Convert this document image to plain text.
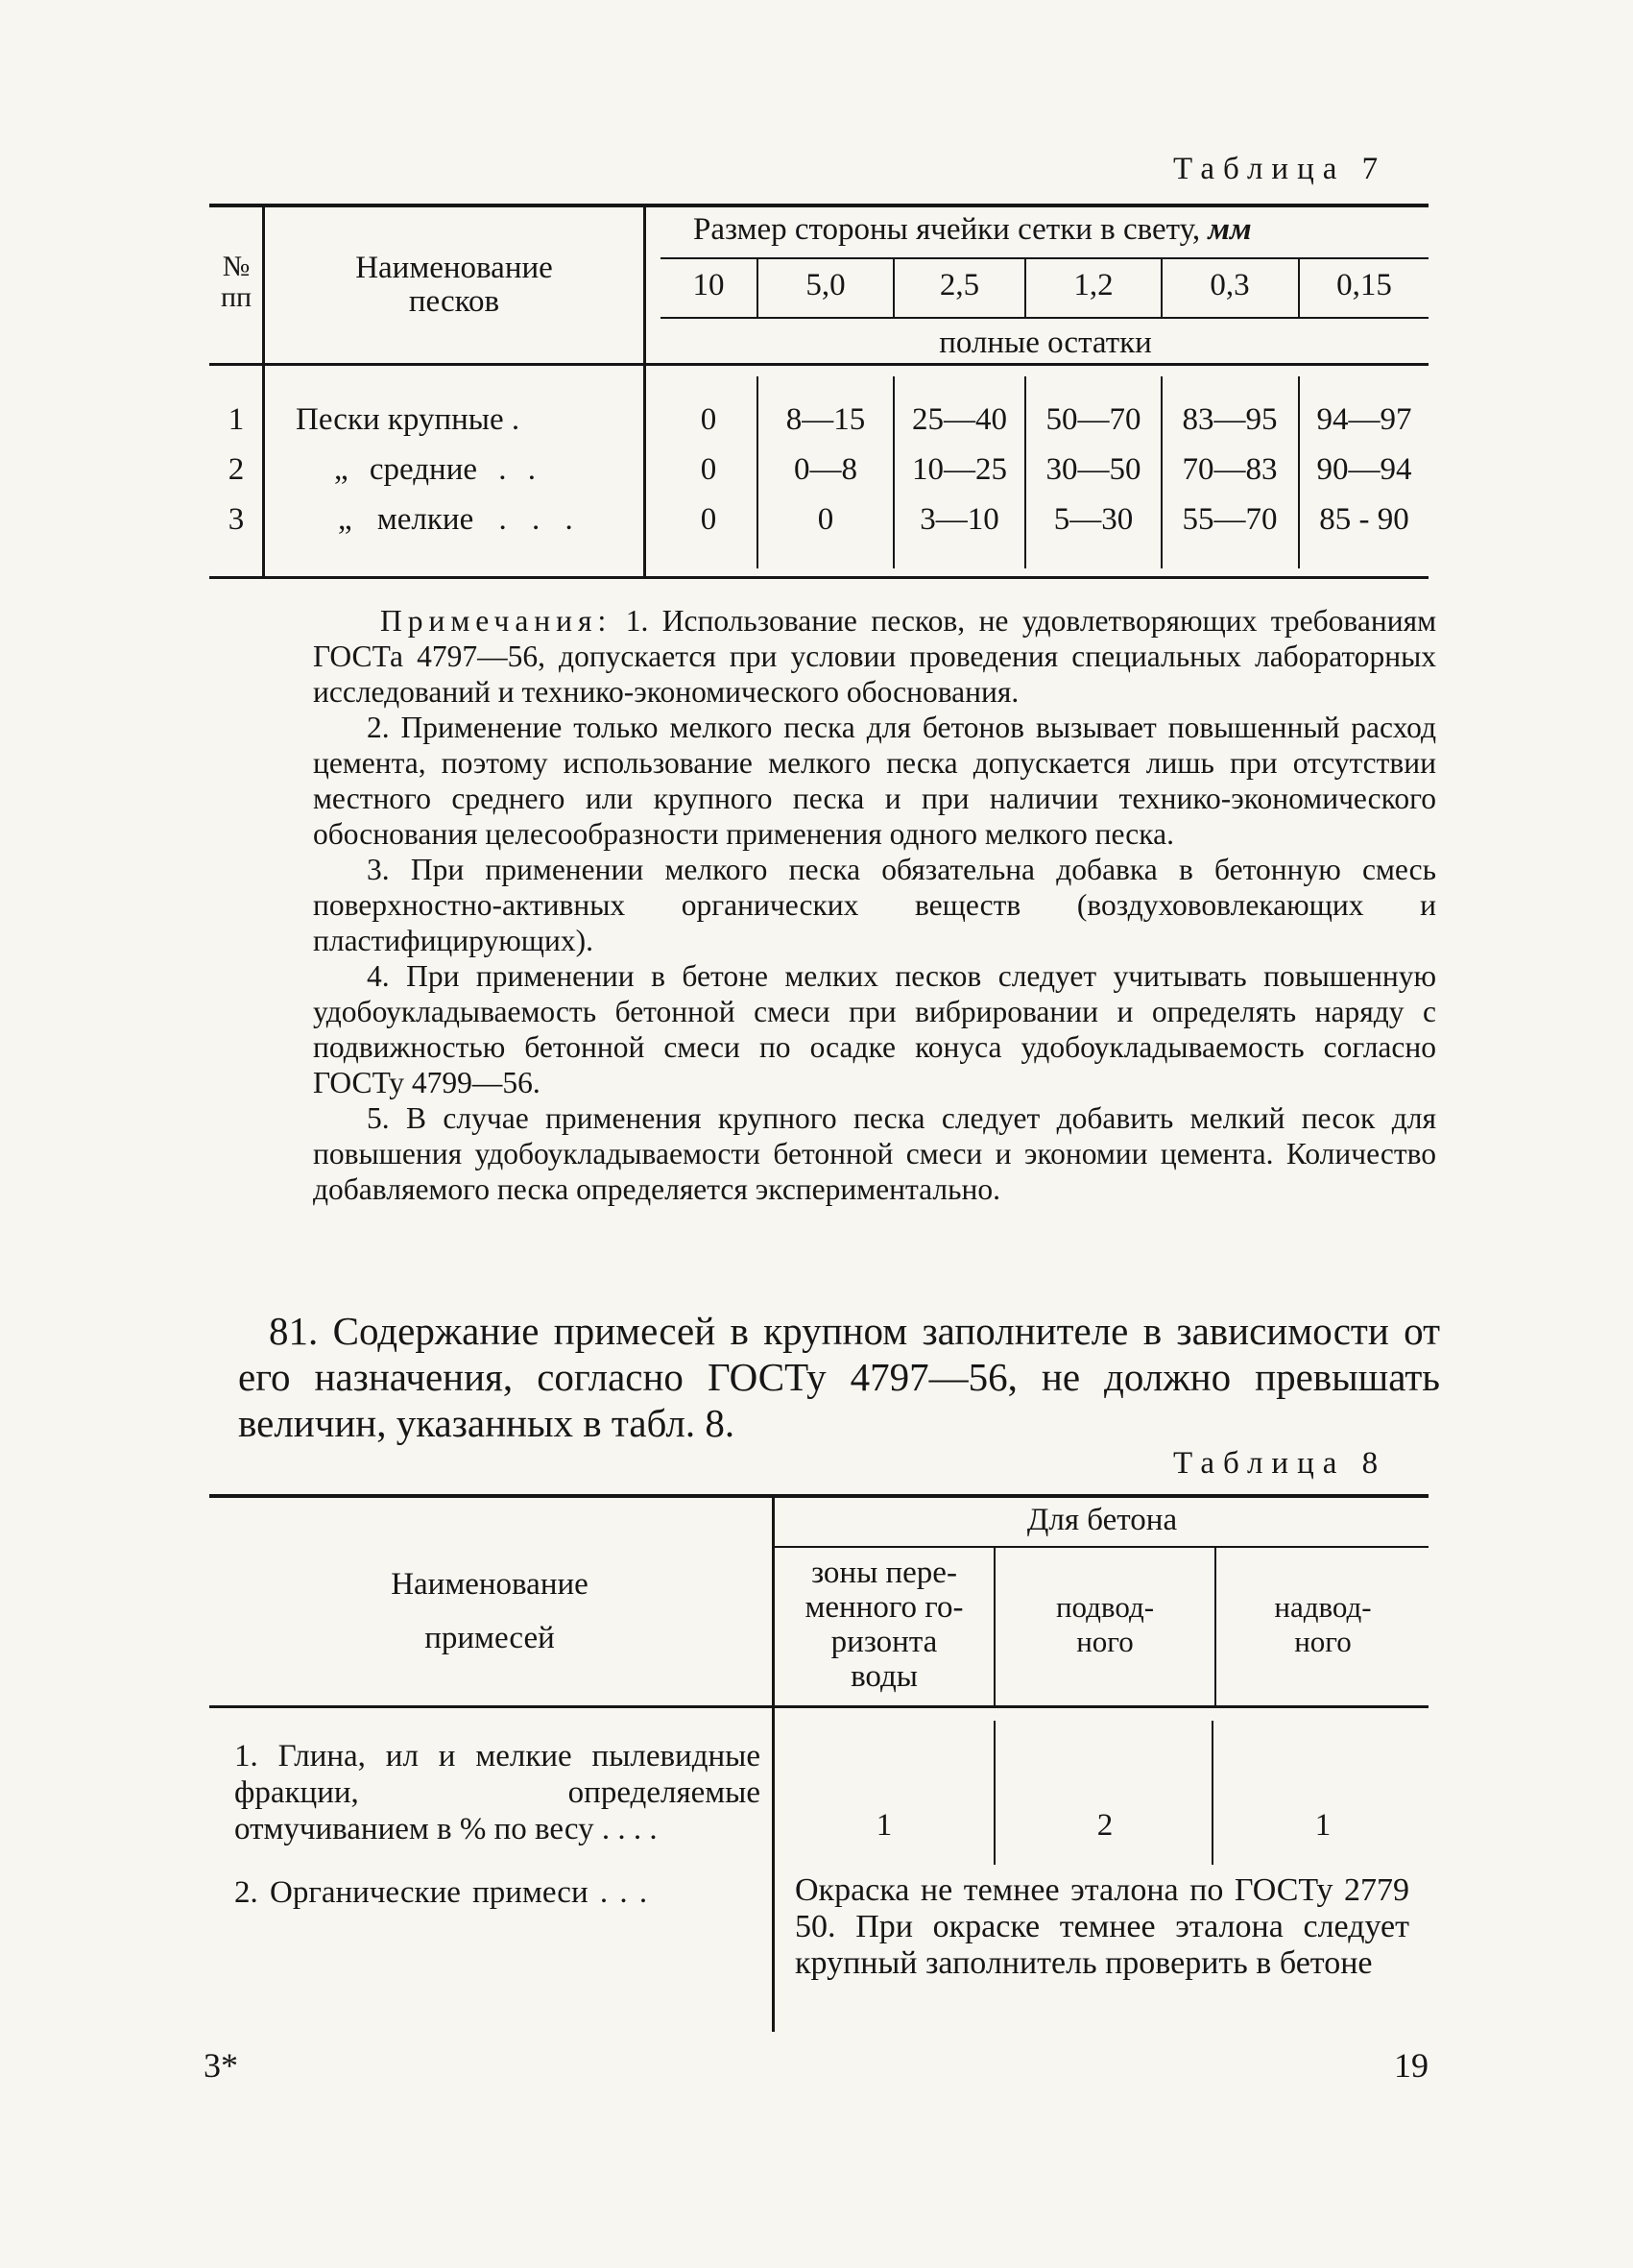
Таблица 7
№
пп
Наименование
песков
Размер стороны ячейки сетки в свету, мм
10	5,0	2,5	1,2	0,3	0,15
полные остатки
1	Пески крупные .	0	8—15	25—40	50—70	83—95	94—97
2	„ средние . .	0	0—8	10—25	30—50	70—83	90—94
3	„ мелкие . . .	0	0	3—10	5—30	55—70	85 - 90

Примечания: 1. Использование песков, не удовлетворяющих требованиям ГОСТа 4797—56, допускается при условии проведения специальных лабораторных исследований и технико-экономического обоснования.

2. Применение только мелкого песка для бетонов вызывает повышенный расход цемента, поэтому использование мелкого песка допускается лишь при отсутствии местного среднего или крупного песка и при наличии технико-экономического обоснования целесообразности применения одного мелкого песка.

3. При применении мелкого песка обязательна добавка в бетонную смесь поверхностно-активных органических веществ (воздухововлекающих и пластифицирующих).

4. При применении в бетоне мелких песков следует учитывать повышенную удобоукладываемость бетонной смеси при вибрировании и определять наряду с подвижностью бетонной смеси по осадке конуса удобоукладываемость согласно ГОСТу 4799—56.

5. В случае применения крупного песка следует добавить мелкий песок для повышения удобоукладываемости бетонной смеси и экономии цемента. Количество добавляемого песка определяется экспериментально.

81. Содержание примесей в крупном заполнителе в зависимости от его назначения, согласно ГОСТу 4797—56, не должно превышать величин, указанных в табл. 8.
Таблица 8
Наименование
примесей
Для бетона
зоны пере-
менного го-
ризонта
воды
подвод-
ного
надвод-
ного
1. Глина, ил и мелкие пылевидные фракции, определяемые отмучиванием в % по весу . . . .	1	2	1
2. Органические примеси . . .	Окраска не темнее эталона по ГОСТу 2779 50. При окраске темнее эталона следует крупный заполнитель проверить в бетоне
3*	19
